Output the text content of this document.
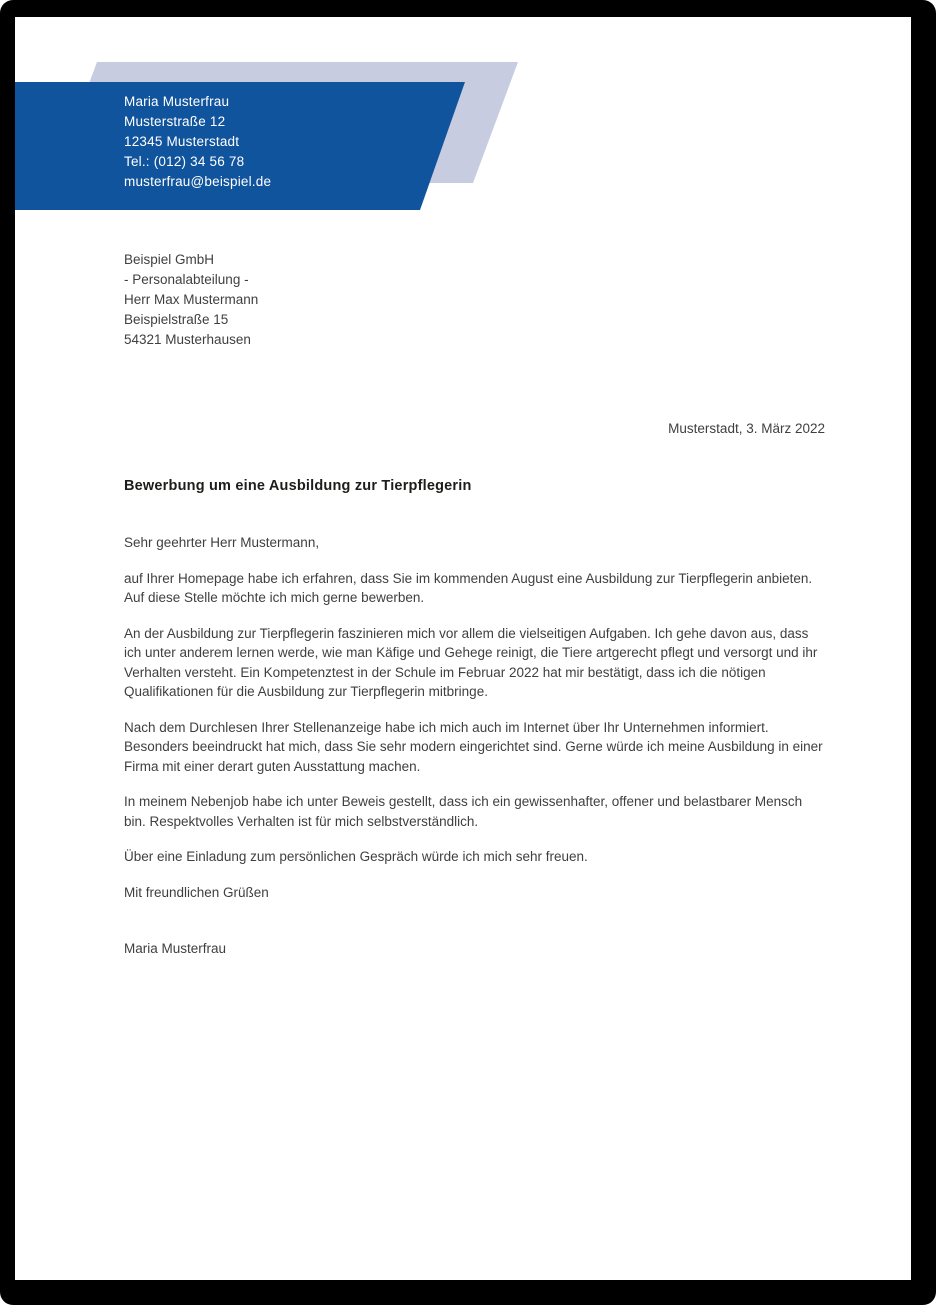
Maria Musterfrau
Musterstraße 12
12345 Musterstadt
Tel.: (012) 34 56 78
musterfrau@beispiel.de
Beispiel GmbH
- Personalabteilung -
Herr Max Mustermann
Beispielstraße 15
54321 Musterhausen
Musterstadt, 3. März 2022
Bewerbung um eine Ausbildung zur Tierpflegerin

Sehr geehrter Herr Mustermann,

auf Ihrer Homepage habe ich erfahren, dass Sie im kommenden August eine Ausbildung zur Tierpflegerin anbieten. Auf diese Stelle möchte ich mich gerne bewerben.

An der Ausbildung zur Tierpflegerin faszinieren mich vor allem die vielseitigen Aufgaben. Ich gehe davon aus, dass ich unter anderem lernen werde, wie man Käfige und Gehege reinigt, die Tiere artgerecht pflegt und versorgt und ihr Verhalten versteht. Ein Kompetenztest in der Schule im Februar 2022 hat mir bestätigt, dass ich die nötigen Qualifikationen für die Ausbildung zur Tierpflegerin mitbringe.

Nach dem Durchlesen Ihrer Stellenanzeige habe ich mich auch im Internet über Ihr Unternehmen informiert. Besonders beeindruckt hat mich, dass Sie sehr modern eingerichtet sind. Gerne würde ich meine Ausbildung in einer Firma mit einer derart guten Ausstattung machen.

In meinem Nebenjob habe ich unter Beweis gestellt, dass ich ein gewissenhafter, offener und belastbarer Mensch bin. Respektvolles Verhalten ist für mich selbstverständlich.

Über eine Einladung zum persönlichen Gespräch würde ich mich sehr freuen.

Mit freundlichen Grüßen

Maria Musterfrau
